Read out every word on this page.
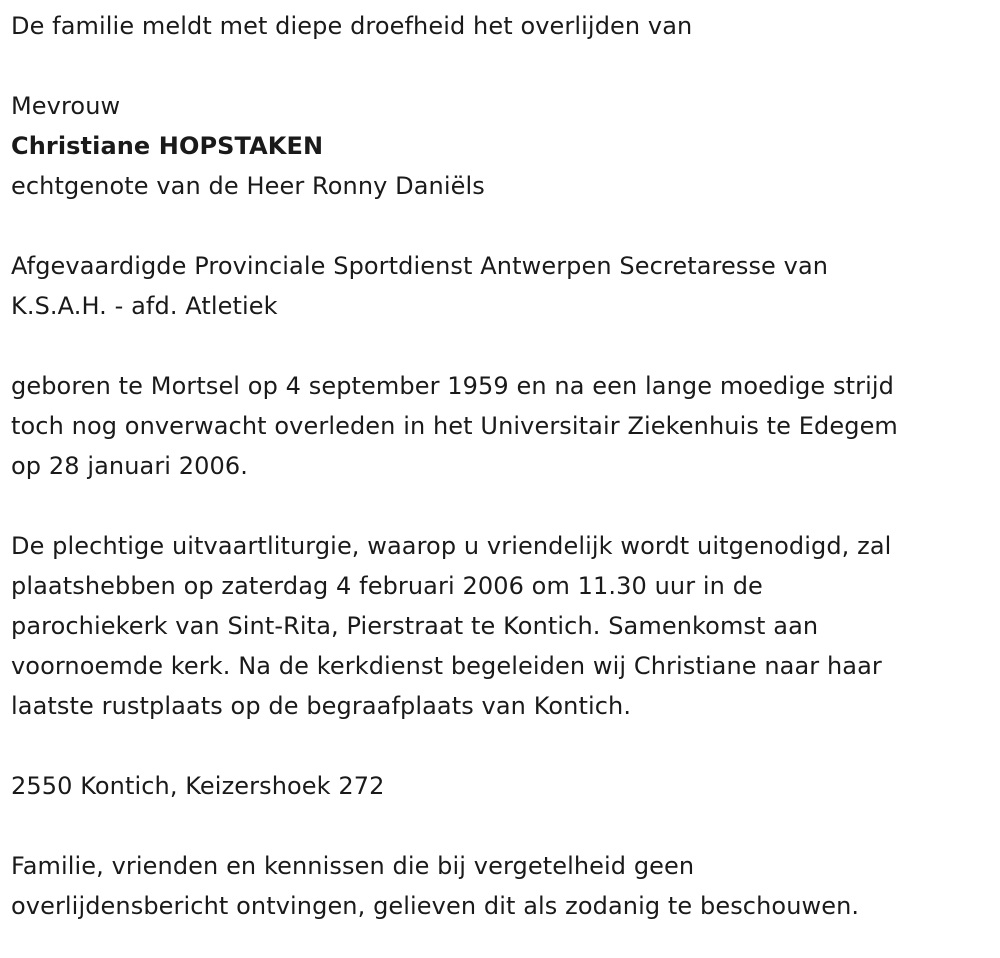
De familie meldt met diepe droefheid het overlijden van

Mevrouw

Christiane HOPSTAKEN

echtgenote van de Heer Ronny Daniëls

Afgevaardigde Provinciale Sportdienst Antwerpen Secretaresse van

K.S.A.H. - afd. Atletiek

geboren te Mortsel op 4 september 1959 en na een lange moedige strijd

toch nog onverwacht overleden in het Universitair Ziekenhuis te Edegem

op 28 januari 2006.

De plechtige uitvaartliturgie, waarop u vriendelijk wordt uitgenodigd, zal

plaatshebben op zaterdag 4 februari 2006 om 11.30 uur in de

parochiekerk van Sint-Rita, Pierstraat te Kontich. Samenkomst aan

voornoemde kerk. Na de kerkdienst begeleiden wij Christiane naar haar

laatste rustplaats op de begraafplaats van Kontich.

2550 Kontich, Keizershoek 272

Familie, vrienden en kennissen die bij vergetelheid geen

overlijdensbericht ontvingen, gelieven dit als zodanig te beschouwen.
